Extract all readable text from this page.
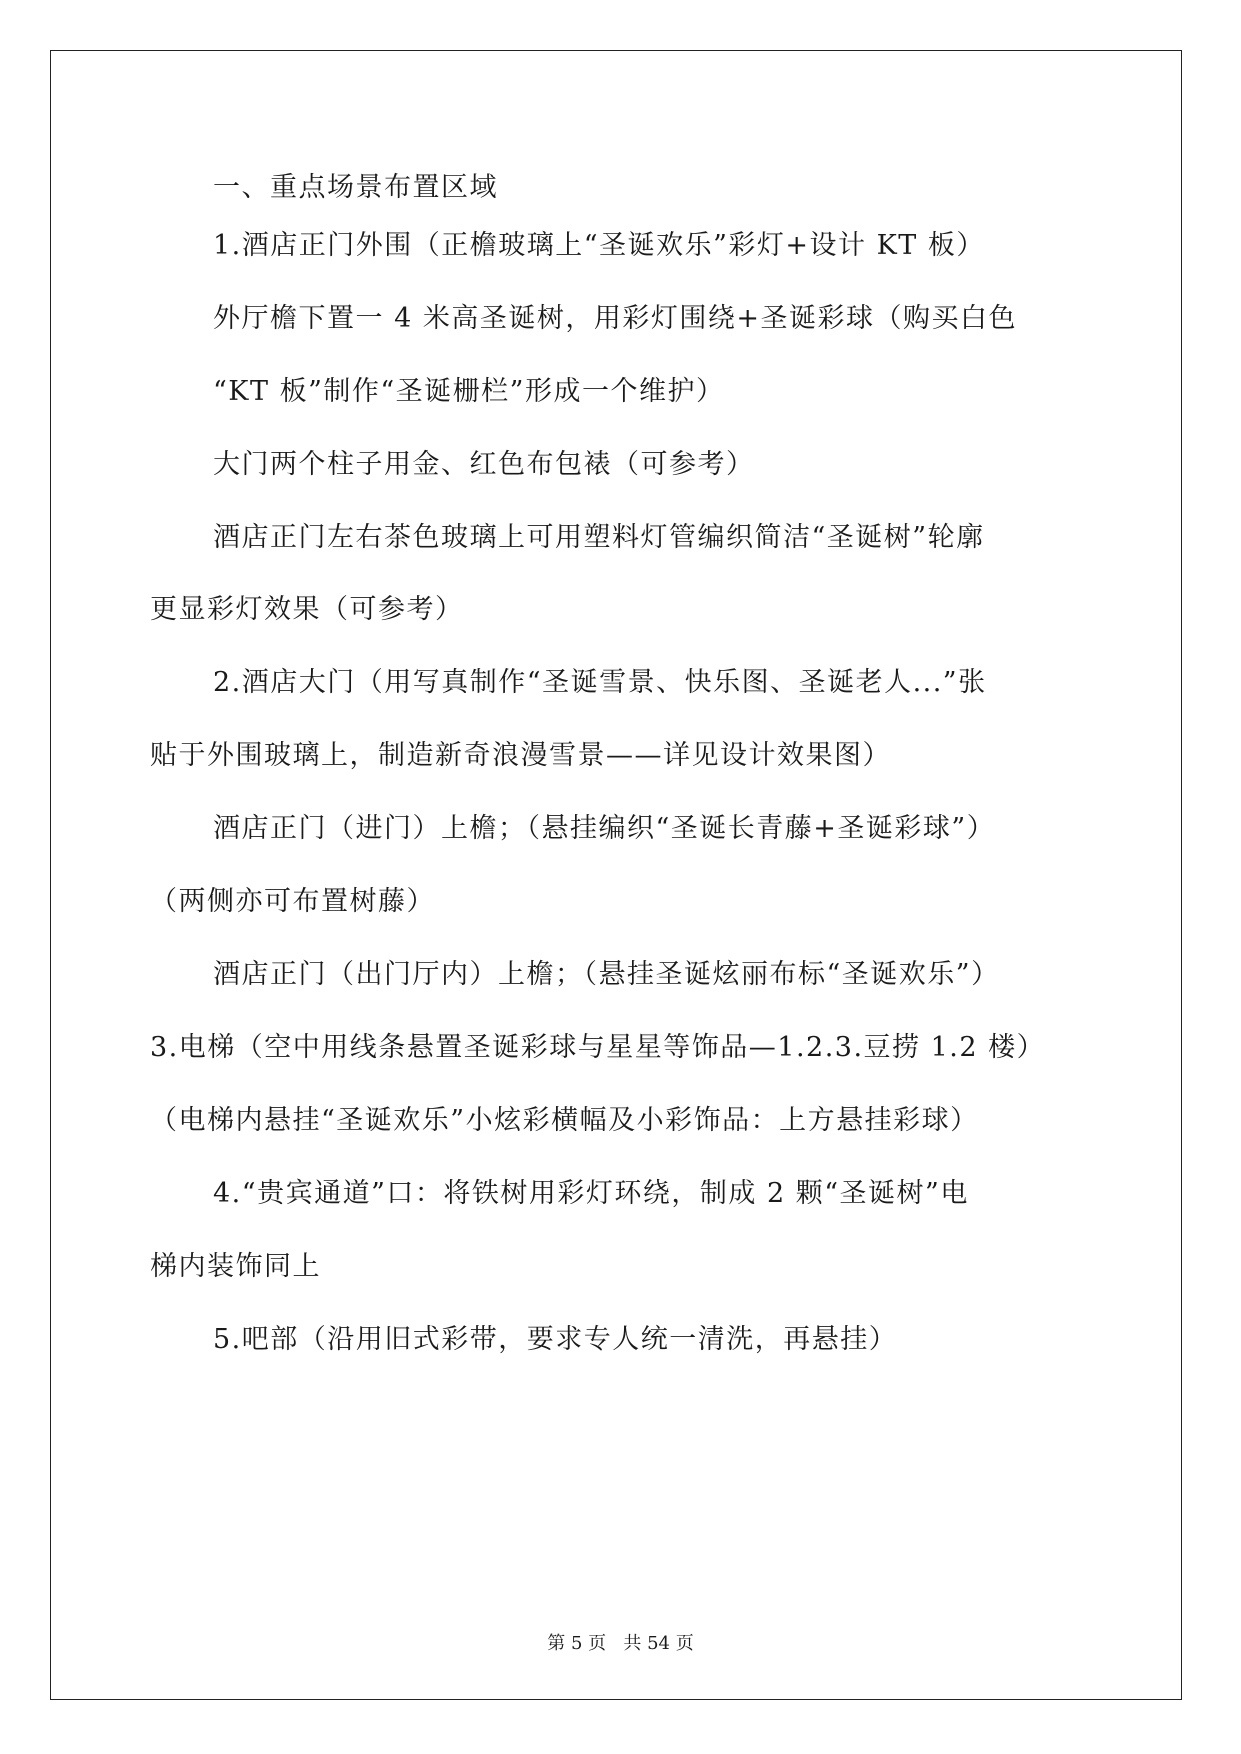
一、重点场景布置区域
1.酒店正门外围（正檐玻璃上“圣诞欢乐”彩灯+设计 KT 板）
外厅檐下置一 4 米高圣诞树，用彩灯围绕+圣诞彩球（购买白色
“KT 板”制作“圣诞栅栏”形成一个维护）
大门两个柱子用金、红色布包裱（可参考）
酒店正门左右茶色玻璃上可用塑料灯管编织简洁“圣诞树”轮廓
更显彩灯效果（可参考）
2.酒店大门（用写真制作“圣诞雪景、快乐图、圣诞老人...”张
贴于外围玻璃上，制造新奇浪漫雪景——详见设计效果图）
酒店正门（进门）上檐；（悬挂编织“圣诞长青藤+圣诞彩球”）
（两侧亦可布置树藤）
酒店正门（出门厅内）上檐；（悬挂圣诞炫丽布标“圣诞欢乐”）
3.电梯（空中用线条悬置圣诞彩球与星星等饰品—1.2.3.豆捞 1.2 楼）
（电梯内悬挂“圣诞欢乐”小炫彩横幅及小彩饰品：上方悬挂彩球）
4.“贵宾通道”口：将铁树用彩灯环绕，制成 2 颗“圣诞树”电
梯内装饰同上
5.吧部（沿用旧式彩带，要求专人统一清洗，再悬挂）
第 5 页   共 54 页
